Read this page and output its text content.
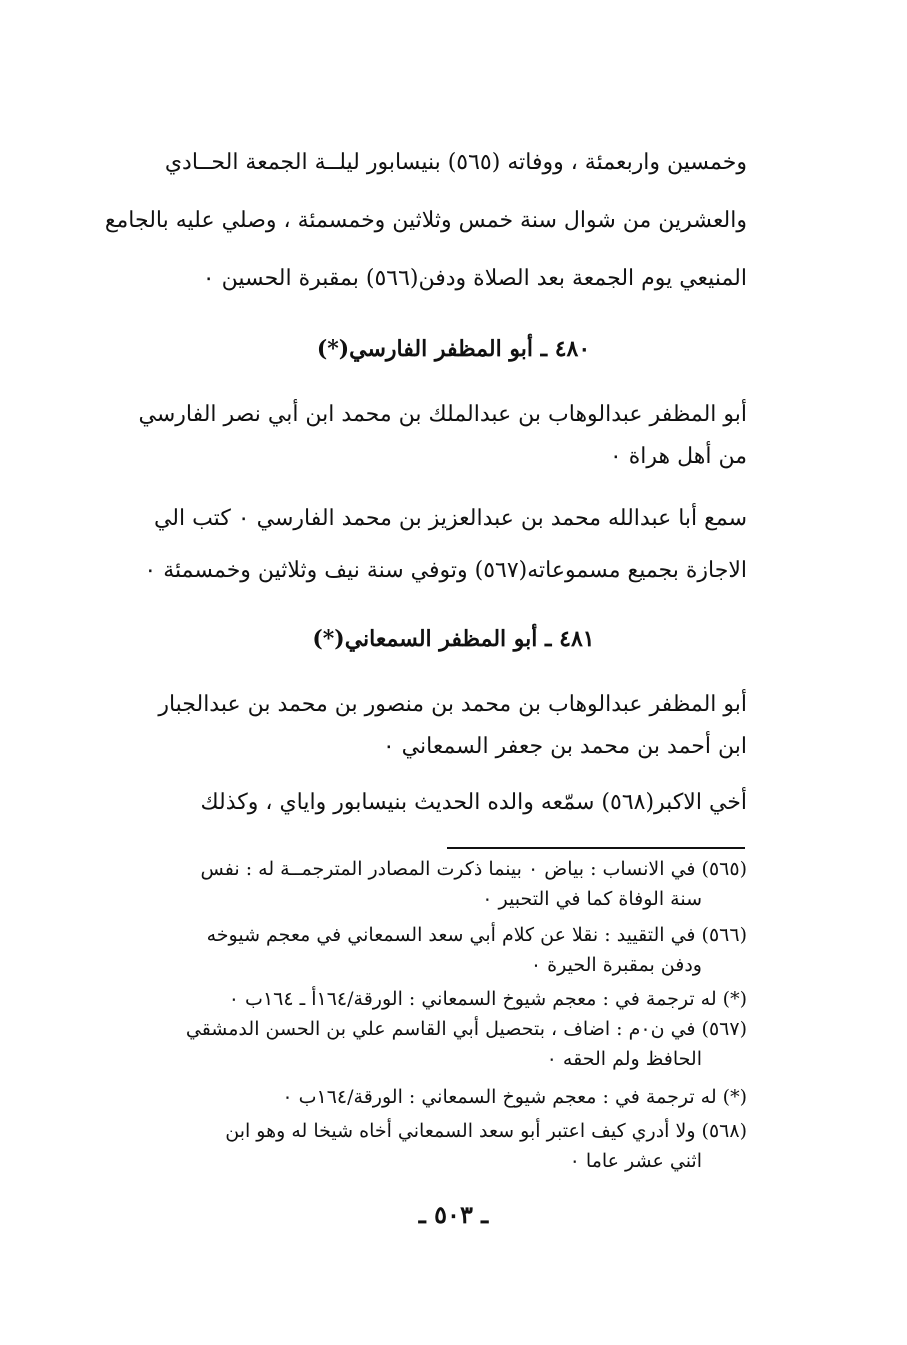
وخمسين واربعمئة ، ووفاته (٥٦٥) بنيسابور ليلــة الجمعة الحــادي
والعشرين من شوال سنة خمس وثلاثين وخمسمئة ، وصلي عليه بالجامع
المنيعي يوم الجمعة بعد الصلاة ودفن(٥٦٦) بمقبرة الحسين ٠
٤٨٠ ـ أبو المظفر الفارسي(*)
أبو المظفر عبدالوهاب بن عبدالملك بن محمد ابن أبي نصر الفارسي
من أهل هراة ٠
سمع أبا عبدالله محمد بن عبدالعزيز بن محمد الفارسي ٠ كتب الي
الاجازة بجميع مسموعاته(٥٦٧) وتوفي سنة نيف وثلاثين وخمسمئة ٠
٤٨١ ـ أبو المظفر السمعاني(*)
أبو المظفر عبدالوهاب بن محمد بن منصور بن محمد بن عبدالجبار
ابن أحمد بن محمد بن جعفر السمعاني ٠
أخي الاكبر(٥٦٨) سمّعه والده الحديث بنيسابور واياي ، وكذلك
(٥٦٥) في الانساب : بياض ٠ بينما ذكرت المصادر المترجمــة له : نفس
سنة الوفاة كما في التحبير ٠
(٥٦٦) في التقييد : نقلا عن كلام أبي سعد السمعاني في معجم شيوخه
ودفن بمقبرة الحيرة ٠
(*) له ترجمة في : معجم شيوخ السمعاني : الورقة/١٦٤أ ـ ١٦٤ب ٠
(٥٦٧) في ن٠م : اضاف ، بتحصيل أبي القاسم علي بن الحسن الدمشقي
الحافظ ولم الحقه ٠
(*) له ترجمة في : معجم شيوخ السمعاني : الورقة/١٦٤ب ٠
(٥٦٨) ولا أدري كيف اعتبر أبو سعد السمعاني أخاه شيخا له وهو ابن
اثني عشر عاما ٠
ـ ٥٠٣ ـ
